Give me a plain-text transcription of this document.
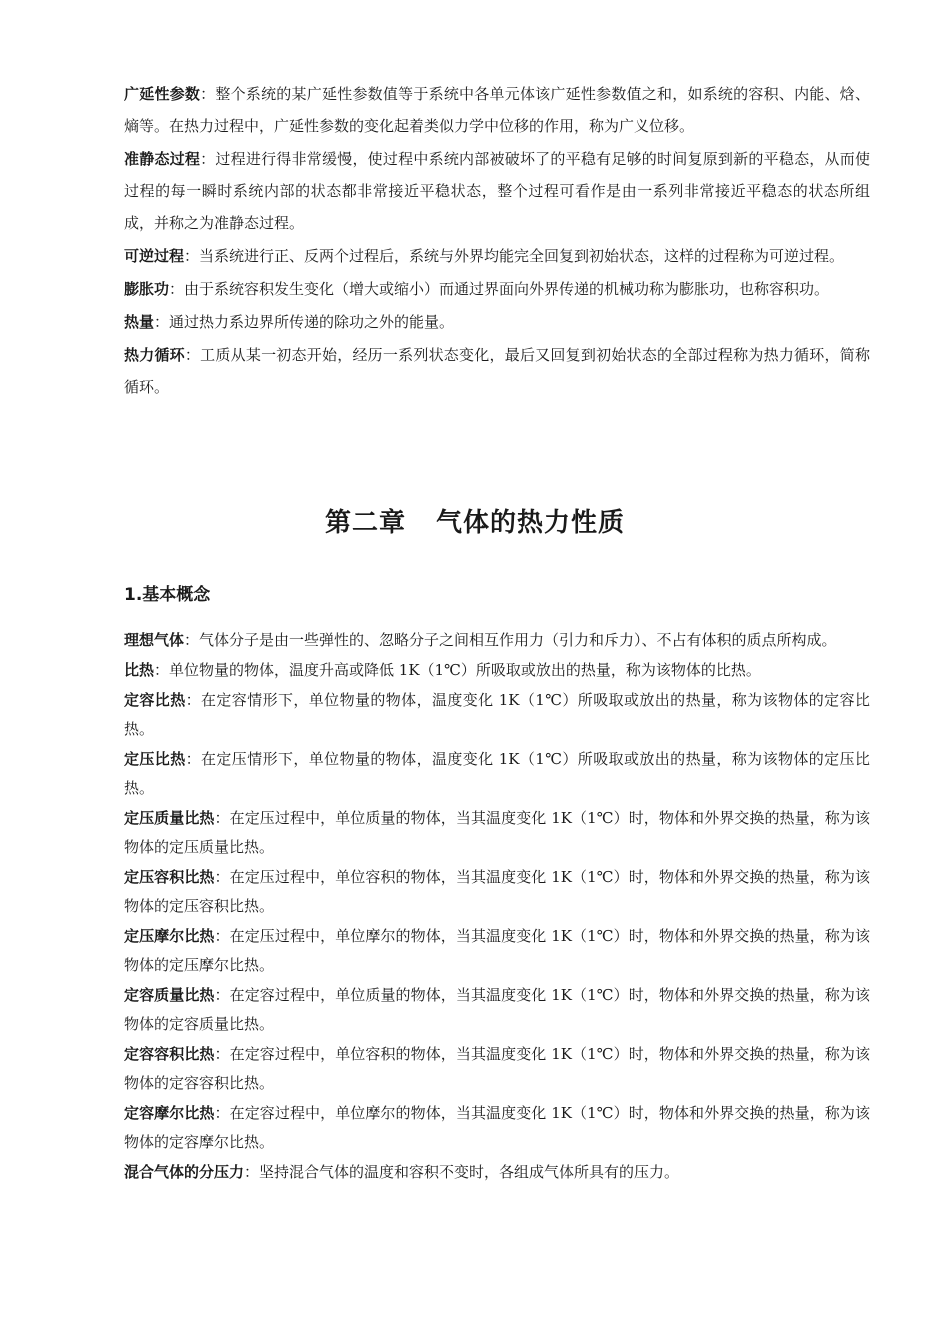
广延性参数：整个系统的某广延性参数值等于系统中各单元体该广延性参数值之和，如系统的容积、内能、焓、熵等。在热力过程中，广延性参数的变化起着类似力学中位移的作用，称为广义位移。

准静态过程：过程进行得非常缓慢，使过程中系统内部被破坏了的平稳有足够的时间复原到新的平稳态，从而使过程的每一瞬时系统内部的状态都非常接近平稳状态，整个过程可看作是由一系列非常接近平稳态的状态所组成，并称之为准静态过程。

可逆过程：当系统进行正、反两个过程后，系统与外界均能完全回复到初始状态，这样的过程称为可逆过程。

膨胀功：由于系统容积发生变化（增大或缩小）而通过界面向外界传递的机械功称为膨胀功，也称容积功。

热量：通过热力系边界所传递的除功之外的能量。

热力循环：工质从某一初态开始，经历一系列状态变化，最后又回复到初始状态的全部过程称为热力循环，简称循环。

第二章 气体的热力性质
1.基本概念

理想气体：气体分子是由一些弹性的、忽略分子之间相互作用力（引力和斥力）、不占有体积的质点所构成。

比热：单位物量的物体，温度升高或降低 1K（1℃）所吸取或放出的热量，称为该物体的比热。

定容比热：在定容情形下，单位物量的物体，温度变化 1K（1℃）所吸取或放出的热量，称为该物体的定容比热。

定压比热：在定压情形下，单位物量的物体，温度变化 1K（1℃）所吸取或放出的热量，称为该物体的定压比热。

定压质量比热：在定压过程中，单位质量的物体，当其温度变化 1K（1℃）时，物体和外界交换的热量，称为该物体的定压质量比热。

定压容积比热：在定压过程中，单位容积的物体，当其温度变化 1K（1℃）时，物体和外界交换的热量，称为该物体的定压容积比热。

定压摩尔比热：在定压过程中，单位摩尔的物体，当其温度变化 1K（1℃）时，物体和外界交换的热量，称为该物体的定压摩尔比热。

定容质量比热：在定容过程中，单位质量的物体，当其温度变化 1K（1℃）时，物体和外界交换的热量，称为该物体的定容质量比热。

定容容积比热：在定容过程中，单位容积的物体，当其温度变化 1K（1℃）时，物体和外界交换的热量，称为该物体的定容容积比热。

定容摩尔比热：在定容过程中，单位摩尔的物体，当其温度变化 1K（1℃）时，物体和外界交换的热量，称为该物体的定容摩尔比热。

混合气体的分压力：坚持混合气体的温度和容积不变时，各组成气体所具有的压力。
